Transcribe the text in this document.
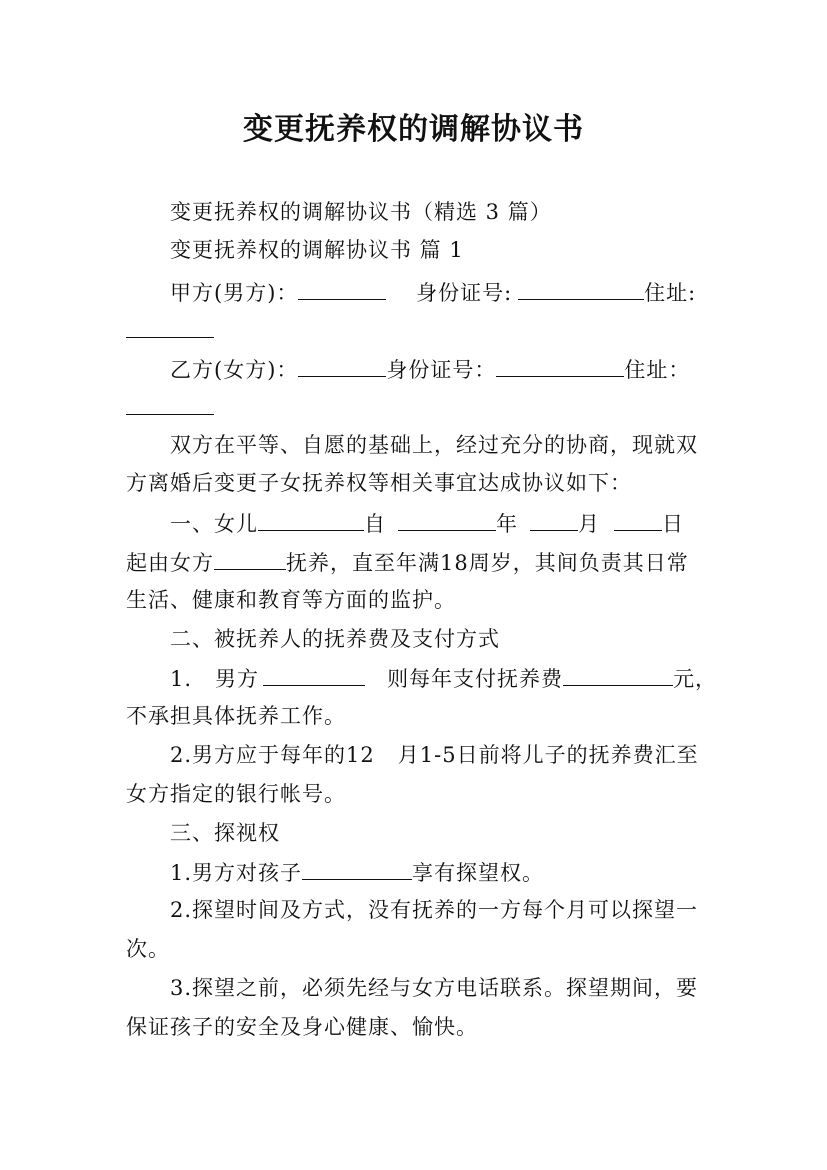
变更抚养权的调解协议书
变更抚养权的调解协议书（精选 3 篇）
变更抚养权的调解协议书 篇 1
甲方(男方)：	身份证号:	住址:
乙方(女方)：	身份证号：	住址：
双方在平等、自愿的基础上，经过充分的协商，现就双
方离婚后变更子女抚养权等相关事宜达成协议如下：
一、女儿	自	年	月	日
起由女方	抚养，直至年满18周岁，其间负责其日常
生活、健康和教育等方面的监护。
二、被抚养人的抚养费及支付方式
1.   男方	则每年支付抚养费	元，
不承担具体抚养工作。
2.男方应于每年的12   月1-5日前将儿子的抚养费汇至
女方指定的银行帐号。
三、探视权
1.男方对孩子	享有探望权。
2.探望时间及方式，没有抚养的一方每个月可以探望一
次。
3.探望之前，必须先经与女方电话联系。探望期间，要
保证孩子的安全及身心健康、愉快。
